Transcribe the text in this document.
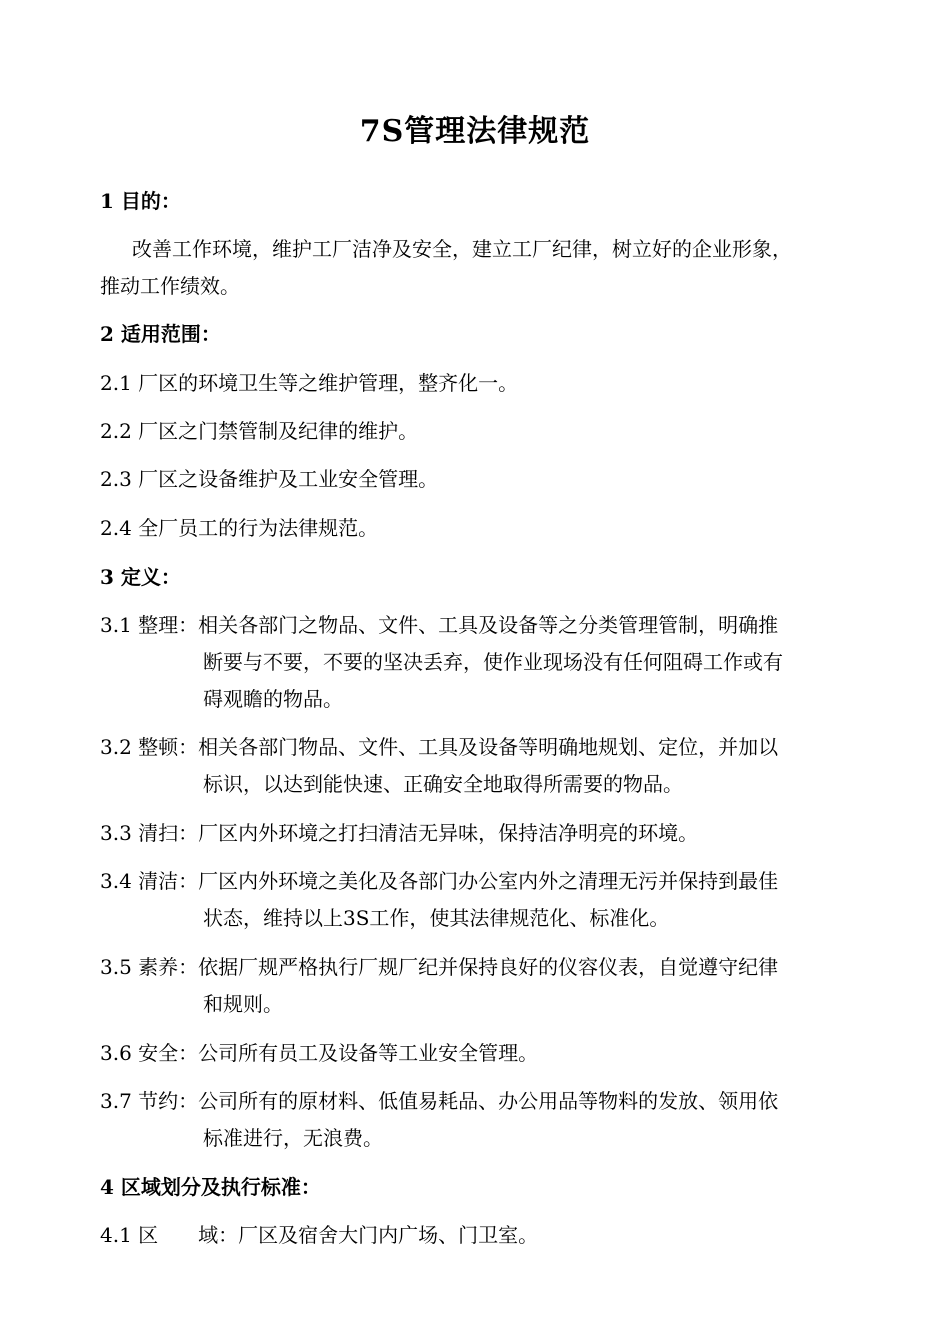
7S管理法律规范
1 目的：
改善工作环境，维护工厂洁净及安全，建立工厂纪律，树立好的企业形象，
推动工作绩效。
2 适用范围：
2.1 厂区的环境卫生等之维护管理，整齐化一。
2.2 厂区之门禁管制及纪律的维护。
2.3 厂区之设备维护及工业安全管理。
2.4 全厂员工的行为法律规范。
3 定义：
3.1 整理：相关各部门之物品、文件、工具及设备等之分类管理管制，明确推
断要与不要，不要的坚决丢弃，使作业现场没有任何阻碍工作或有
碍观瞻的物品。
3.2 整顿：相关各部门物品、文件、工具及设备等明确地规划、定位，并加以
标识，以达到能快速、正确安全地取得所需要的物品。
3.3 清扫：厂区内外环境之打扫清洁无异味，保持洁净明亮的环境。
3.4 清洁：厂区内外环境之美化及各部门办公室内外之清理无污并保持到最佳
状态，维持以上3S工作，使其法律规范化、标准化。
3.5 素养：依据厂规严格执行厂规厂纪并保持良好的仪容仪表，自觉遵守纪律
和规则。
3.6 安全：公司所有员工及设备等工业安全管理。
3.7 节约：公司所有的原材料、低值易耗品、办公用品等物料的发放、领用依
标准进行，无浪费。
4 区域划分及执行标准：
4.1 区　　域：厂区及宿舍大门内广场、门卫室。
